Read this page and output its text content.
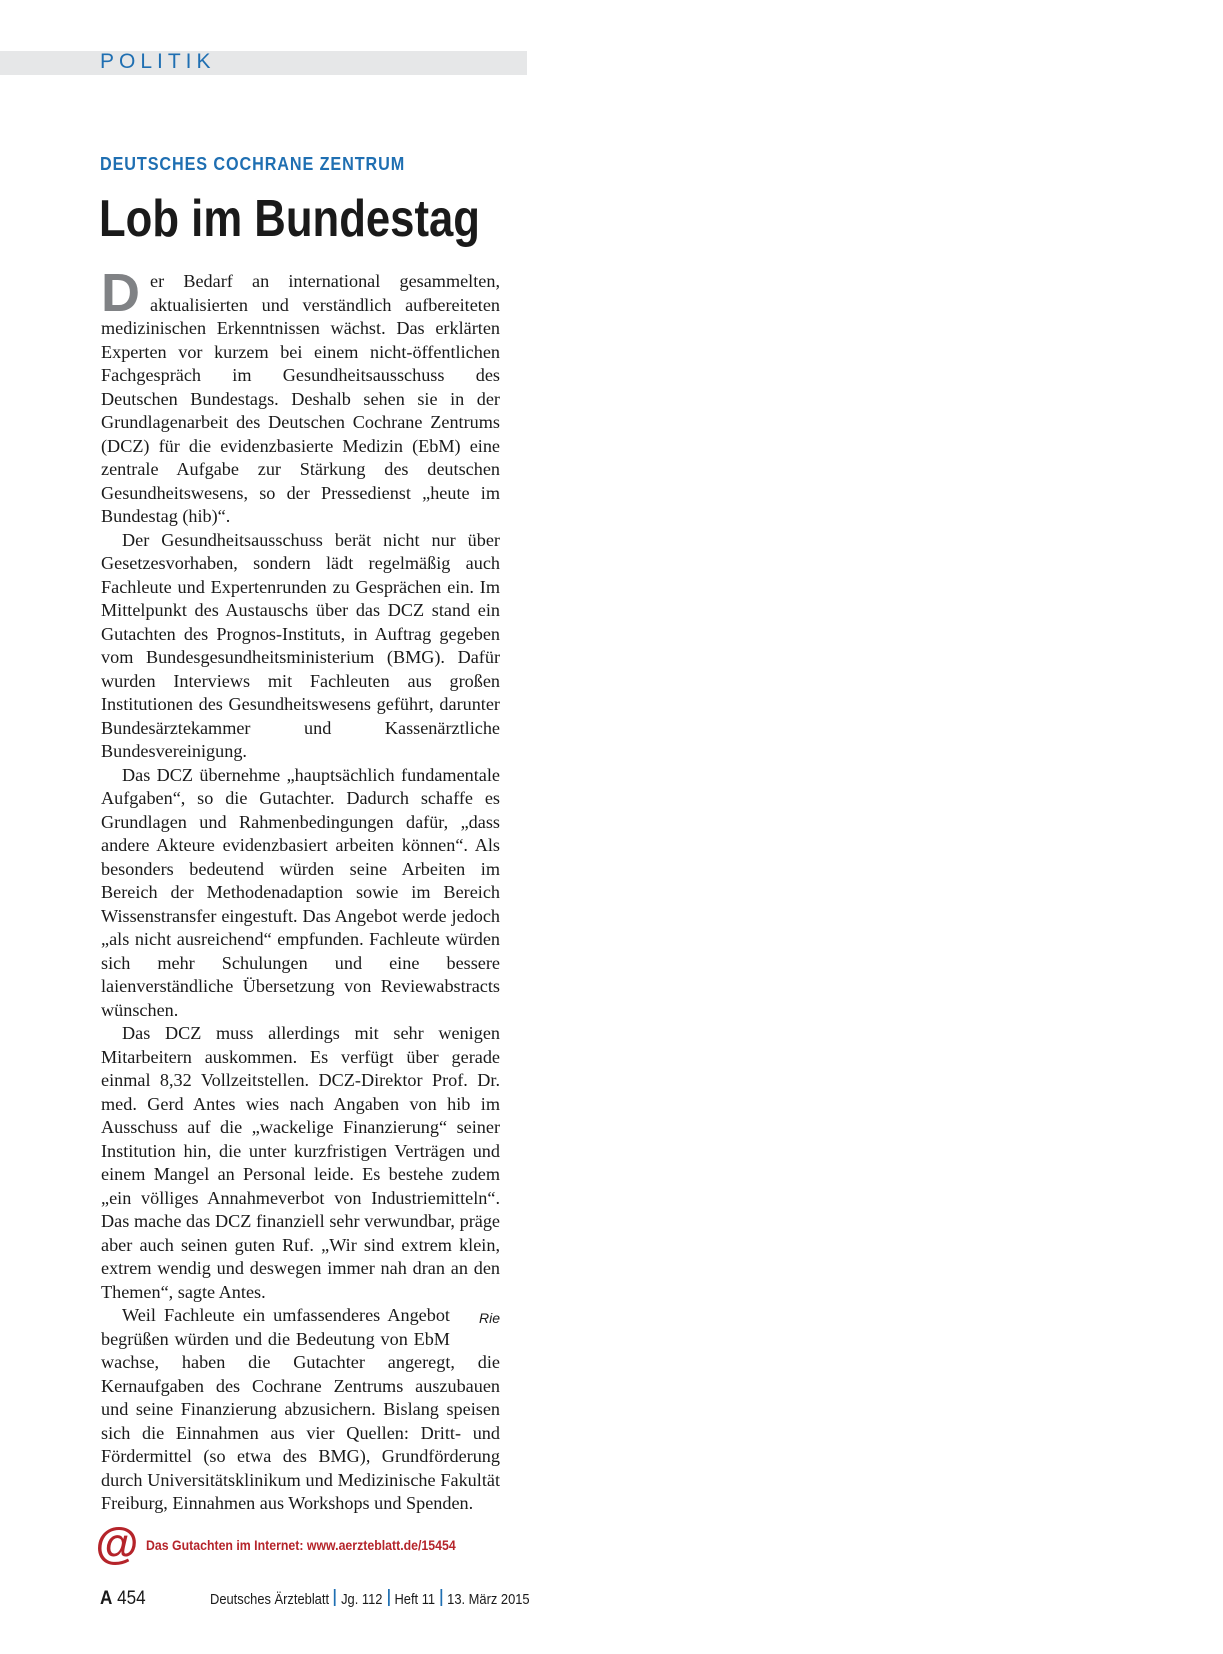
POLITIK
DEUTSCHES COCHRANE ZENTRUM
Lob im Bundestag

Der Bedarf an international gesammelten, aktualisierten und verständlich aufbereiteten medizinischen Erkenntnissen wächst. Das erklärten Experten vor kurzem bei einem nicht-öffentlichen Fachgespräch im Gesundheitsausschuss des Deutschen Bundestags. Deshalb sehen sie in der Grundlagenarbeit des Deutschen Cochrane Zentrums (DCZ) für die evidenzbasierte Medizin (EbM) eine zentrale Aufgabe zur Stärkung des deutschen Gesundheitswesens, so der Pressedienst „heute im Bundestag (hib)“.

Der Gesundheitsausschuss berät nicht nur über Gesetzesvorhaben, sondern lädt regelmäßig auch Fachleute und Expertenrunden zu Gesprächen ein. Im Mittelpunkt des Austauschs über das DCZ stand ein Gutachten des Prognos-Instituts, in Auftrag gegeben vom Bundesgesundheitsministerium (BMG). Dafür wurden Interviews mit Fachleuten aus großen Institutionen des Gesundheitswesens geführt, darunter Bundesärztekammer und Kassenärztliche Bundesvereinigung.

Das DCZ übernehme „hauptsächlich fundamentale Aufgaben“, so die Gutachter. Dadurch schaffe es Grundlagen und Rahmenbedingungen dafür, „dass andere Akteure evidenzbasiert arbeiten können“. Als besonders bedeutend würden seine Arbeiten im Bereich der Methodenadaption sowie im Bereich Wissenstransfer eingestuft. Das Angebot werde jedoch „als nicht ausreichend“ empfunden. Fachleute würden sich mehr Schulungen und eine bessere laienverständliche Übersetzung von Reviewabstracts wünschen.

Das DCZ muss allerdings mit sehr wenigen Mitarbeitern auskommen. Es verfügt über gerade einmal 8,32 Vollzeitstellen. DCZ-Direktor Prof. Dr. med. Gerd Antes wies nach Angaben von hib im Ausschuss auf die „wackelige Finanzierung“ seiner Institution hin, die unter kurzfristigen Verträgen und einem Mangel an Personal leide. Es bestehe zudem „ein völliges Annahmeverbot von Industriemitteln“. Das mache das DCZ finanziell sehr verwundbar, präge aber auch seinen guten Ruf. „Wir sind extrem klein, extrem wendig und deswegen immer nah dran an den Themen“, sagte Antes.

Rie
Weil Fachleute ein umfassenderes Angebot begrüßen würden und die Bedeutung von EbM wachse, haben die Gutachter angeregt, die Kernaufgaben des Cochrane Zentrums auszubauen und seine Finanzierung abzusichern. Bislang speisen sich die Einnahmen aus vier Quellen: Dritt- und Fördermittel (so etwa des BMG), Grundförderung durch Universitätsklinikum und Medizinische Fakultät Freiburg, Einnahmen aus Workshops und Spenden.

@ Das Gutachten im Internet: www.aerzteblatt.de/15454
A 454	Deutsches Ärzteblatt Jg. 112 Heft 11 13. März 2015
